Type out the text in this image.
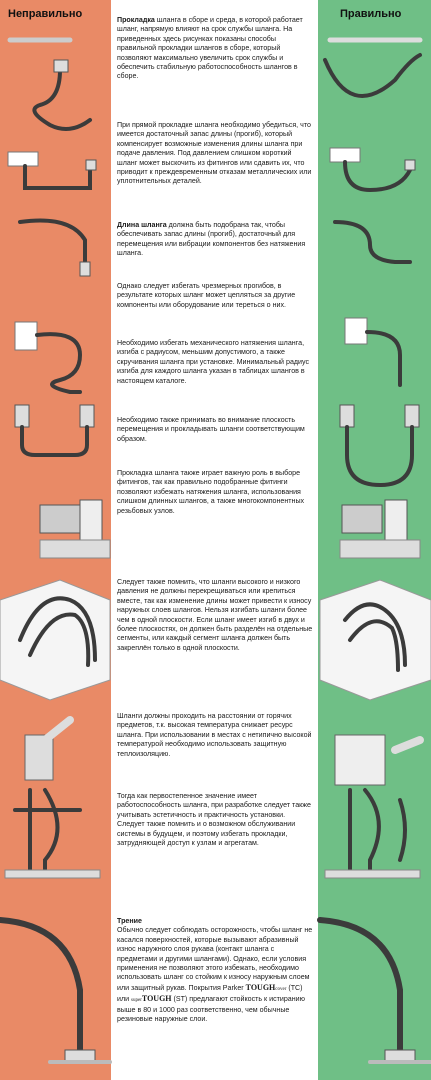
Неправильно	Правильно
Прокладка шланга в сборе и среда, в которой работает шланг, напрямую влияют на срок службы шланга. На приведенных здесь рисунках показаны способы правильной прокладки шлангов в сборе, который позволяют максимально увеличить срок службы и обеспечить стабильную работоспособность шлангов в сборе.
При прямой прокладке шланга необходимо убедиться, что имеется достаточный запас длины (прогиб), который компенсирует возможные изменения длины шланга при подаче давления. Под давлением слишком короткий шланг может выскочить из фитингов или сдавить их, что приводит к преждевременным отказам металлических или уплотнительных деталей.
Длина шланга должна быть подобрана так, чтобы обеспечивать запас длины (прогиб), достаточный для перемещения или вибрации компонентов без натяжения шланга.
Однако следует избегать чрезмерных прогибов, в результате которых шланг может цепляться за другие компоненты или оборудование или тереться о них.
Необходимо избегать механического натяжения шланга, изгиба с радиусом, меньшим допустимого, а также скручивания шланга при установке. Минимальный радиус изгиба для каждого шланга указан в таблицах шлангов в настоящем каталоге.
Необходимо также принимать во внимание плоскость перемещения и прокладывать шланги соответствующим образом.
Прокладка шланга также играет важную роль в выборе фитингов, так как правильно подобранные фитинги позволяют избежать натяжения шланга, использования слишком длинных шлангов, а также многокомпонентных резьбовых узлов.
Следует также помнить, что шланги высокого и низкого давления не должны перекрещиваться или крепиться вместе, так как изменение длины может привести к износу наружных слоев шлангов. Нельзя изгибать шланги более чем в одной плоскости. Если шланг имеет изгиб в двух и более плоскостях, он должен быть разделён на отдельные сегменты, или каждый сегмент шланга должен быть закреплён только в одной плоскости.
Шланги должны проходить на расстоянии от горячих предметов, т.к. высокая температура снижает ресурс шланга. При использовании в местах с нетипично высокой температурой необходимо использовать защитную теплоизоляцию.
Тогда как первостепенное значение имеет работоспособность шланга, при разработке следует также учитывать эстетичность и практичность установки. Следует также помнить и о возможном обслуживании системы в будущем, и поэтому избегать прокладки, затрудняющей доступ к узлам и агрегатам.
Трение
Обычно следует соблюдать осторожность, чтобы шланг не касался поверхностей, которые вызывают абразивный износ наружного слоя рукава (контакт шланга с предметами и другими шлангами). Однако, если условия применения не позволяют этого избежать, необходимо использовать шланг со стойким к износу наружным слоем или защитный рукав. Покрытия Parker TOUGHcover (TC) или superTOUGH (ST) предлагают стойкость к истиранию выше в 80 и 1000 раз соответственно, чем обычные резиновые наружные слои.
